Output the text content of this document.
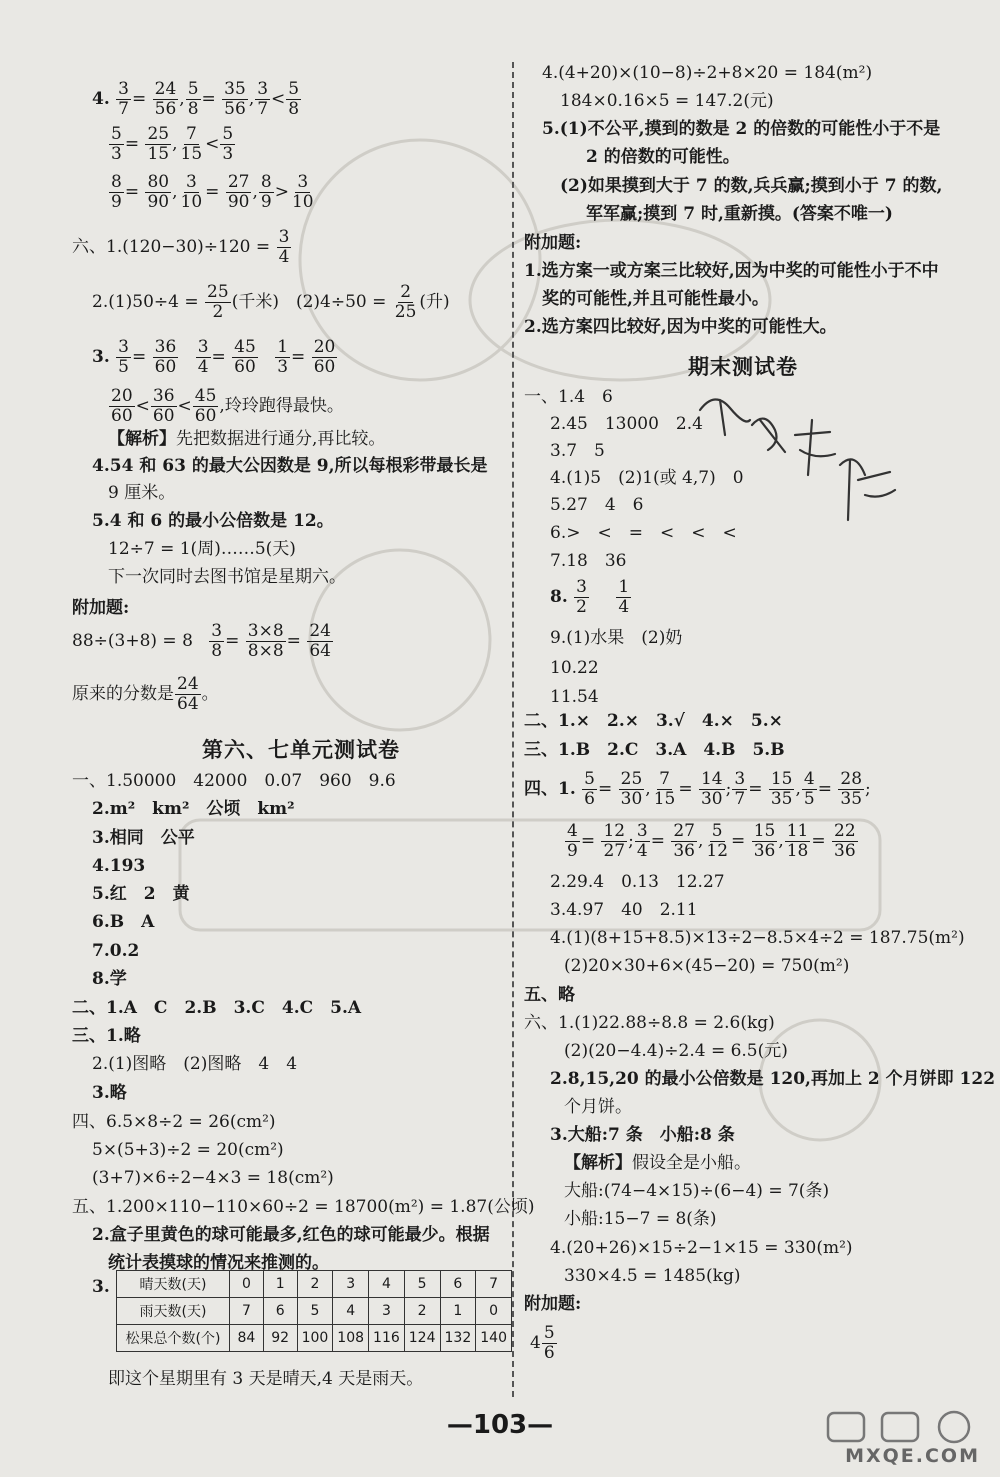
4. $\frac{3}{7} = \frac{24}{56}$ , $\frac{5}{8} = \frac{35}{56}$ , $\frac{3}{7} < \frac{5}{8}$
$\frac{5}{3} = \frac{25}{15}$ , $\frac{7}{15} < \frac{5}{3}$
$\frac{8}{9} = \frac{80}{90}$ , $\frac{3}{10} = \frac{27}{90}$ , $\frac{8}{9} > \frac{3}{10}$
六、$1.(120-30)\div 120 = \frac{3}{4}$
$2.(1)50\div 4 = \frac{25}{2}$ (千米)　$(2)4\div 50 = \frac{2}{25}$ (升)
3. $\frac{3}{5} = \frac{36}{60}$
$\frac{3}{4} = \frac{45}{60}$
$\frac{1}{3} = \frac{20}{60}$
$\frac{20}{60} < \frac{36}{60} < \frac{45}{60}$ ,玲玲跑得最快。
【解析】先把数据进行通分,再比较。
4.54 和 63 的最大公因数是 9,所以每根彩带最长是
9 厘米。
5.4 和 6 的最小公倍数是 12。
12÷7 = 1(周)……5(天)
下一次同时去图书馆是星期六。
附加题:
$88\div(3+8) = 8 \frac{3}{8} = \frac{3\times 8}{8\times 8} = \frac{24}{64}$
原来的分数是 $\frac{24}{64}$ 。
第六、七单元测试卷
一、1.50000　42000　0.07　960　9.6
2.m²　km²　公顷　km²
3.相同　公平
4.193
5.红　2　黄
6.B　A
7.0.2
8.学
二、1.A　C　2.B　3.C　4.C　5.A
三、1.略
2.(1)图略　(2)图略　4　4
3.略
四、6.5×8÷2 = 26(cm²)
5×(5+3)÷2 = 20(cm²)
(3+7)×6÷2−4×3 = 18(cm²)
五、1.200×110−110×60÷2 = 18700(m²) = 1.87(公顷)
2.盒子里黄色的球可能最多,红色的球可能最少。根据
统计表摸球的情况来推测的。
3. 晴天数(天)	0	1	2	3	4	5	6	7
雨天数(天)	7	6	5	4	3	2	1	0
松果总个数(个)	84	92	100	108	116	124	132	140
即这个星期里有 3 天是晴天,4 天是雨天。
4.(4+20)×(10−8)÷2+8×20 = 184(m²)
184×0.16×5 = 147.2(元)
5.(1)不公平,摸到的数是 2 的倍数的可能性小于不是
2 的倍数的可能性。
(2)如果摸到大于 7 的数,兵兵赢;摸到小于 7 的数,
军军赢;摸到 7 时,重新摸。(答案不唯一)
附加题:
1.选方案一或方案三比较好,因为中奖的可能性小于不中
奖的可能性,并且可能性最小。
2.选方案四比较好,因为中奖的可能性大。
期末测试卷
一、1.4　6
2.45　13000　2.4
3.7　5
4.(1)5　(2)1(或 4,7)　0
5.27　4　6
6.>　<　=　<　<　<
7.18　36
8. $\frac{3}{2}$
$\frac{1}{4}$
9.(1)水果　(2)奶
10.22
11.54
二、1.×　2.×　3.√　4.×　5.×
三、1.B　2.C　3.A　4.B　5.B
四、1. $\frac{5}{6} = \frac{25}{30}$ , $\frac{7}{15} = \frac{14}{30}$ ; $\frac{3}{7} = \frac{15}{35}$ , $\frac{4}{5} = \frac{28}{35}$ ;
$\frac{4}{9} = \frac{12}{27}$ ; $\frac{3}{4} = \frac{27}{36}$ , $\frac{5}{12} = \frac{15}{36}$ , $\frac{11}{18} = \frac{22}{36}$
2.29.4　0.13　12.27
3.4.97　40　2.11
4.(1)(8+15+8.5)×13÷2−8.5×4÷2 = 187.75(m²)
(2)20×30+6×(45−20) = 750(m²)
五、略
六、1.(1)22.88÷8.8 = 2.6(kg)
(2)(20−4.4)÷2.4 = 6.5(元)
2.8,15,20 的最小公倍数是 120,再加上 2 个月饼即 122
个月饼。
3.大船:7 条　小船:8 条
【解析】假设全是小船。
大船:(74−4×15)÷(6−4) = 7(条)
小船:15−7 = 8(条)
4.(20+26)×15÷2−1×15 = 330(m²)
330×4.5 = 1485(kg)
附加题:
$4 \frac{5}{6}$
—103—
MXQE.COM
